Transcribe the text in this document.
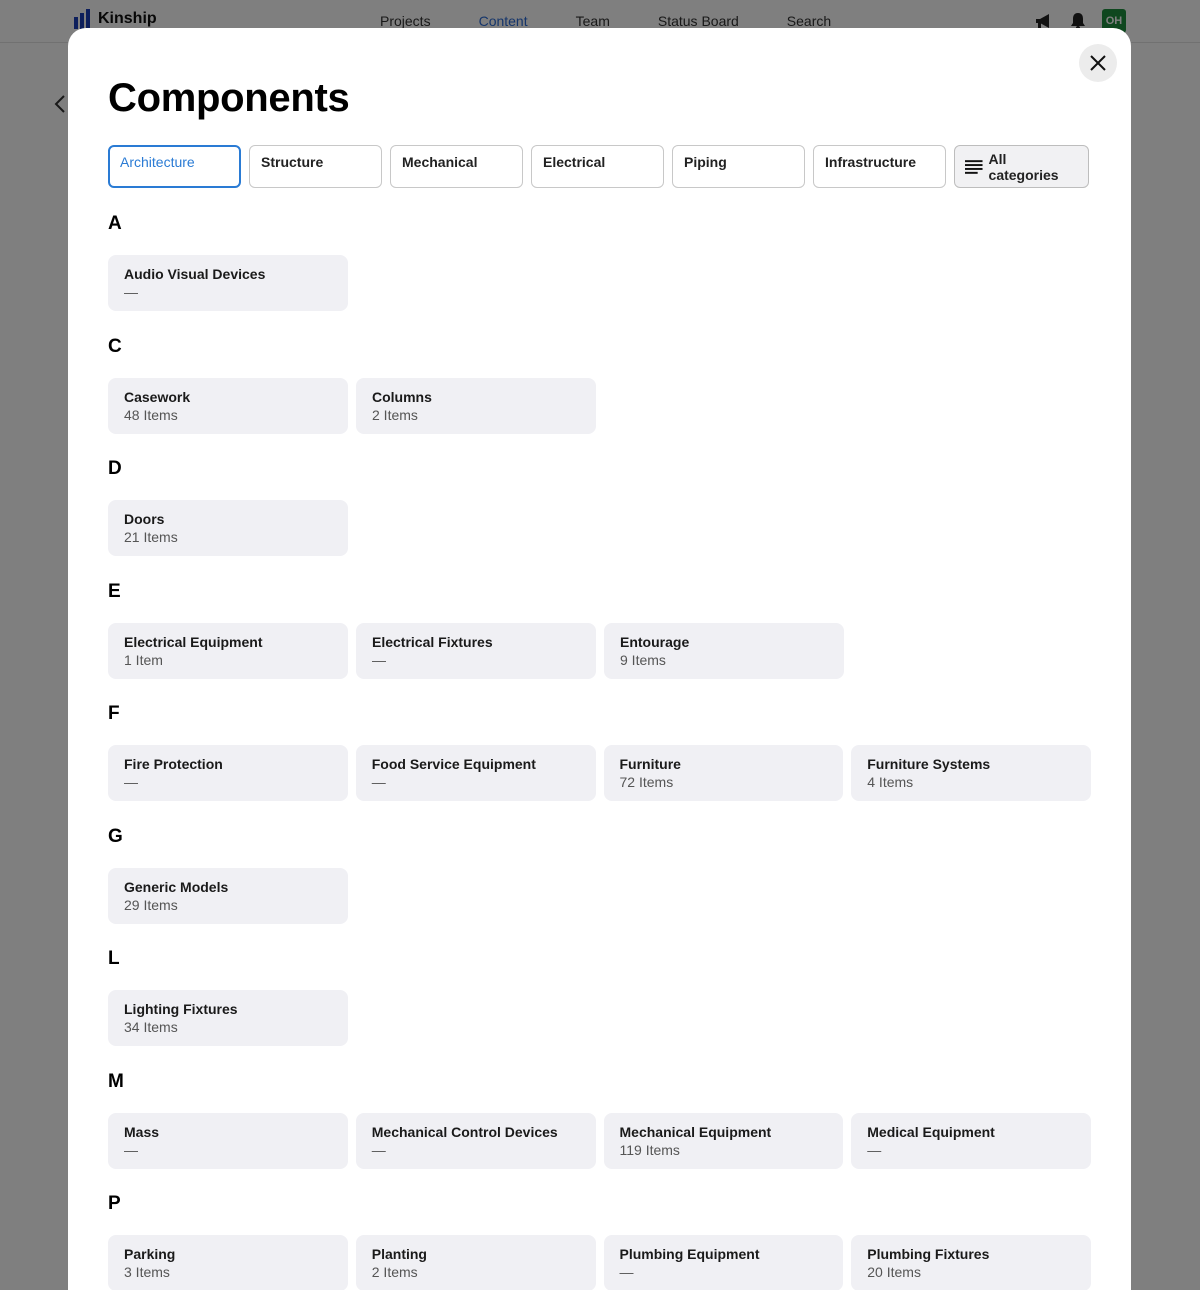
Components
Architecture	Structure	Mechanical	Electrical	Piping	Infrastructure	All categories
A
Audio Visual Devices
—
C
Casework
48 Items
Columns
2 Items
D
Doors
21 Items
E
Electrical Equipment
1 Item
Electrical Fixtures
—
Entourage
9 Items
F
Fire Protection
—
Food Service Equipment
—
Furniture
72 Items
Furniture Systems
4 Items
G
Generic Models
29 Items
L
Lighting Fixtures
34 Items
M
Mass
—
Mechanical Control Devices
—
Mechanical Equipment
119 Items
Medical Equipment
—
P
Parking
3 Items
Planting
2 Items
Plumbing Equipment
—
Plumbing Fixtures
20 Items
